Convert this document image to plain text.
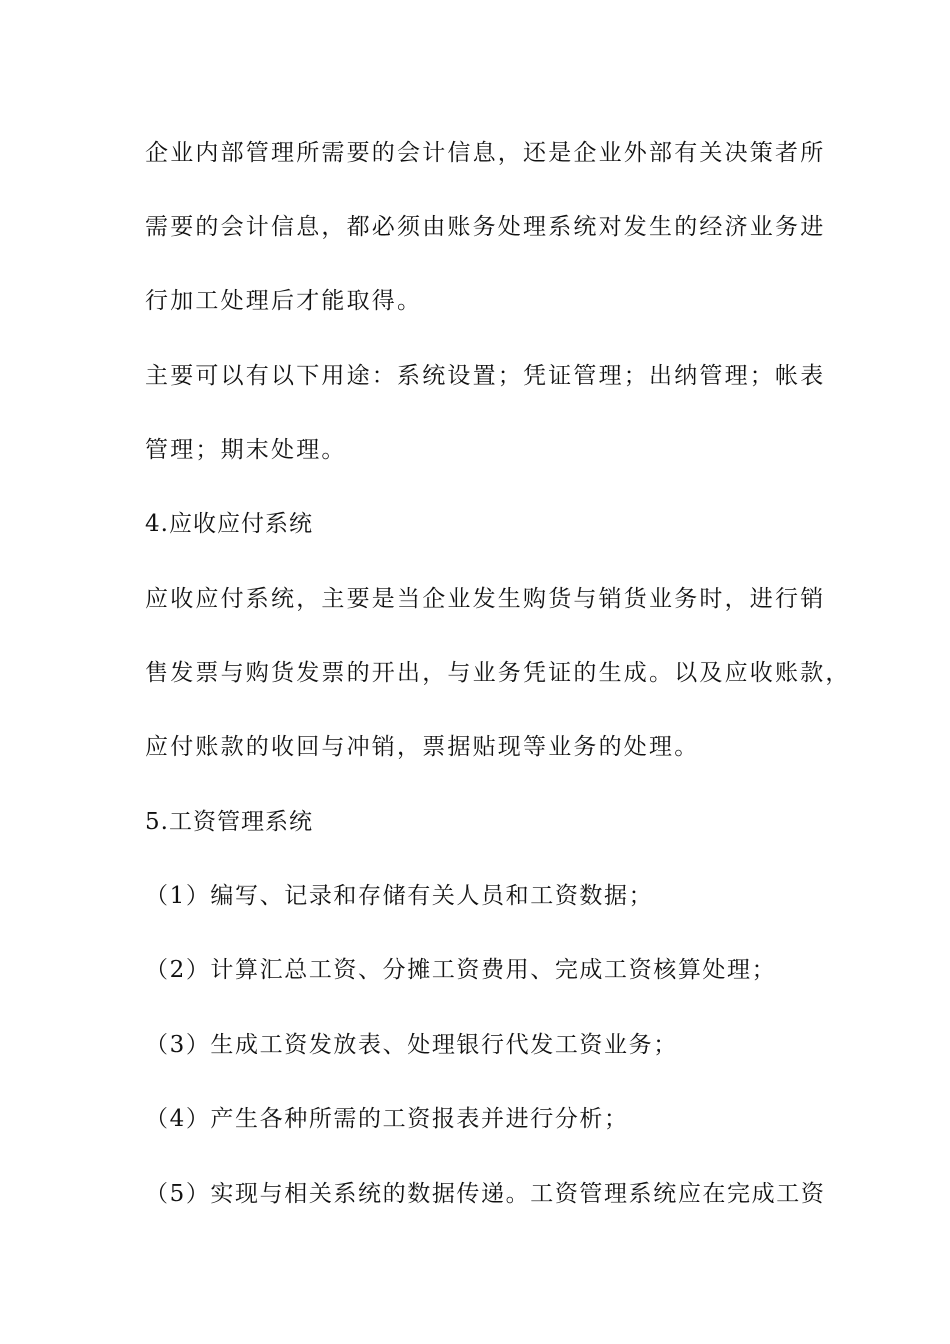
企业内部管理所需要的会计信息，还是企业外部有关决策者所
需要的会计信息，都必须由账务处理系统对发生的经济业务进
行加工处理后才能取得。
主要可以有以下用途：系统设置；凭证管理；出纳管理；帐表
管理；期末处理。
4.应收应付系统
应收应付系统，主要是当企业发生购货与销货业务时，进行销
售发票与购货发票的开出，与业务凭证的生成。以及应收账款，
应付账款的收回与冲销，票据贴现等业务的处理。
5.工资管理系统
（1）编写、记录和存储有关人员和工资数据；
（2）计算汇总工资、分摊工资费用、完成工资核算处理；
（3）生成工资发放表、处理银行代发工资业务；
（4）产生各种所需的工资报表并进行分析；
（5）实现与相关系统的数据传递。工资管理系统应在完成工资
